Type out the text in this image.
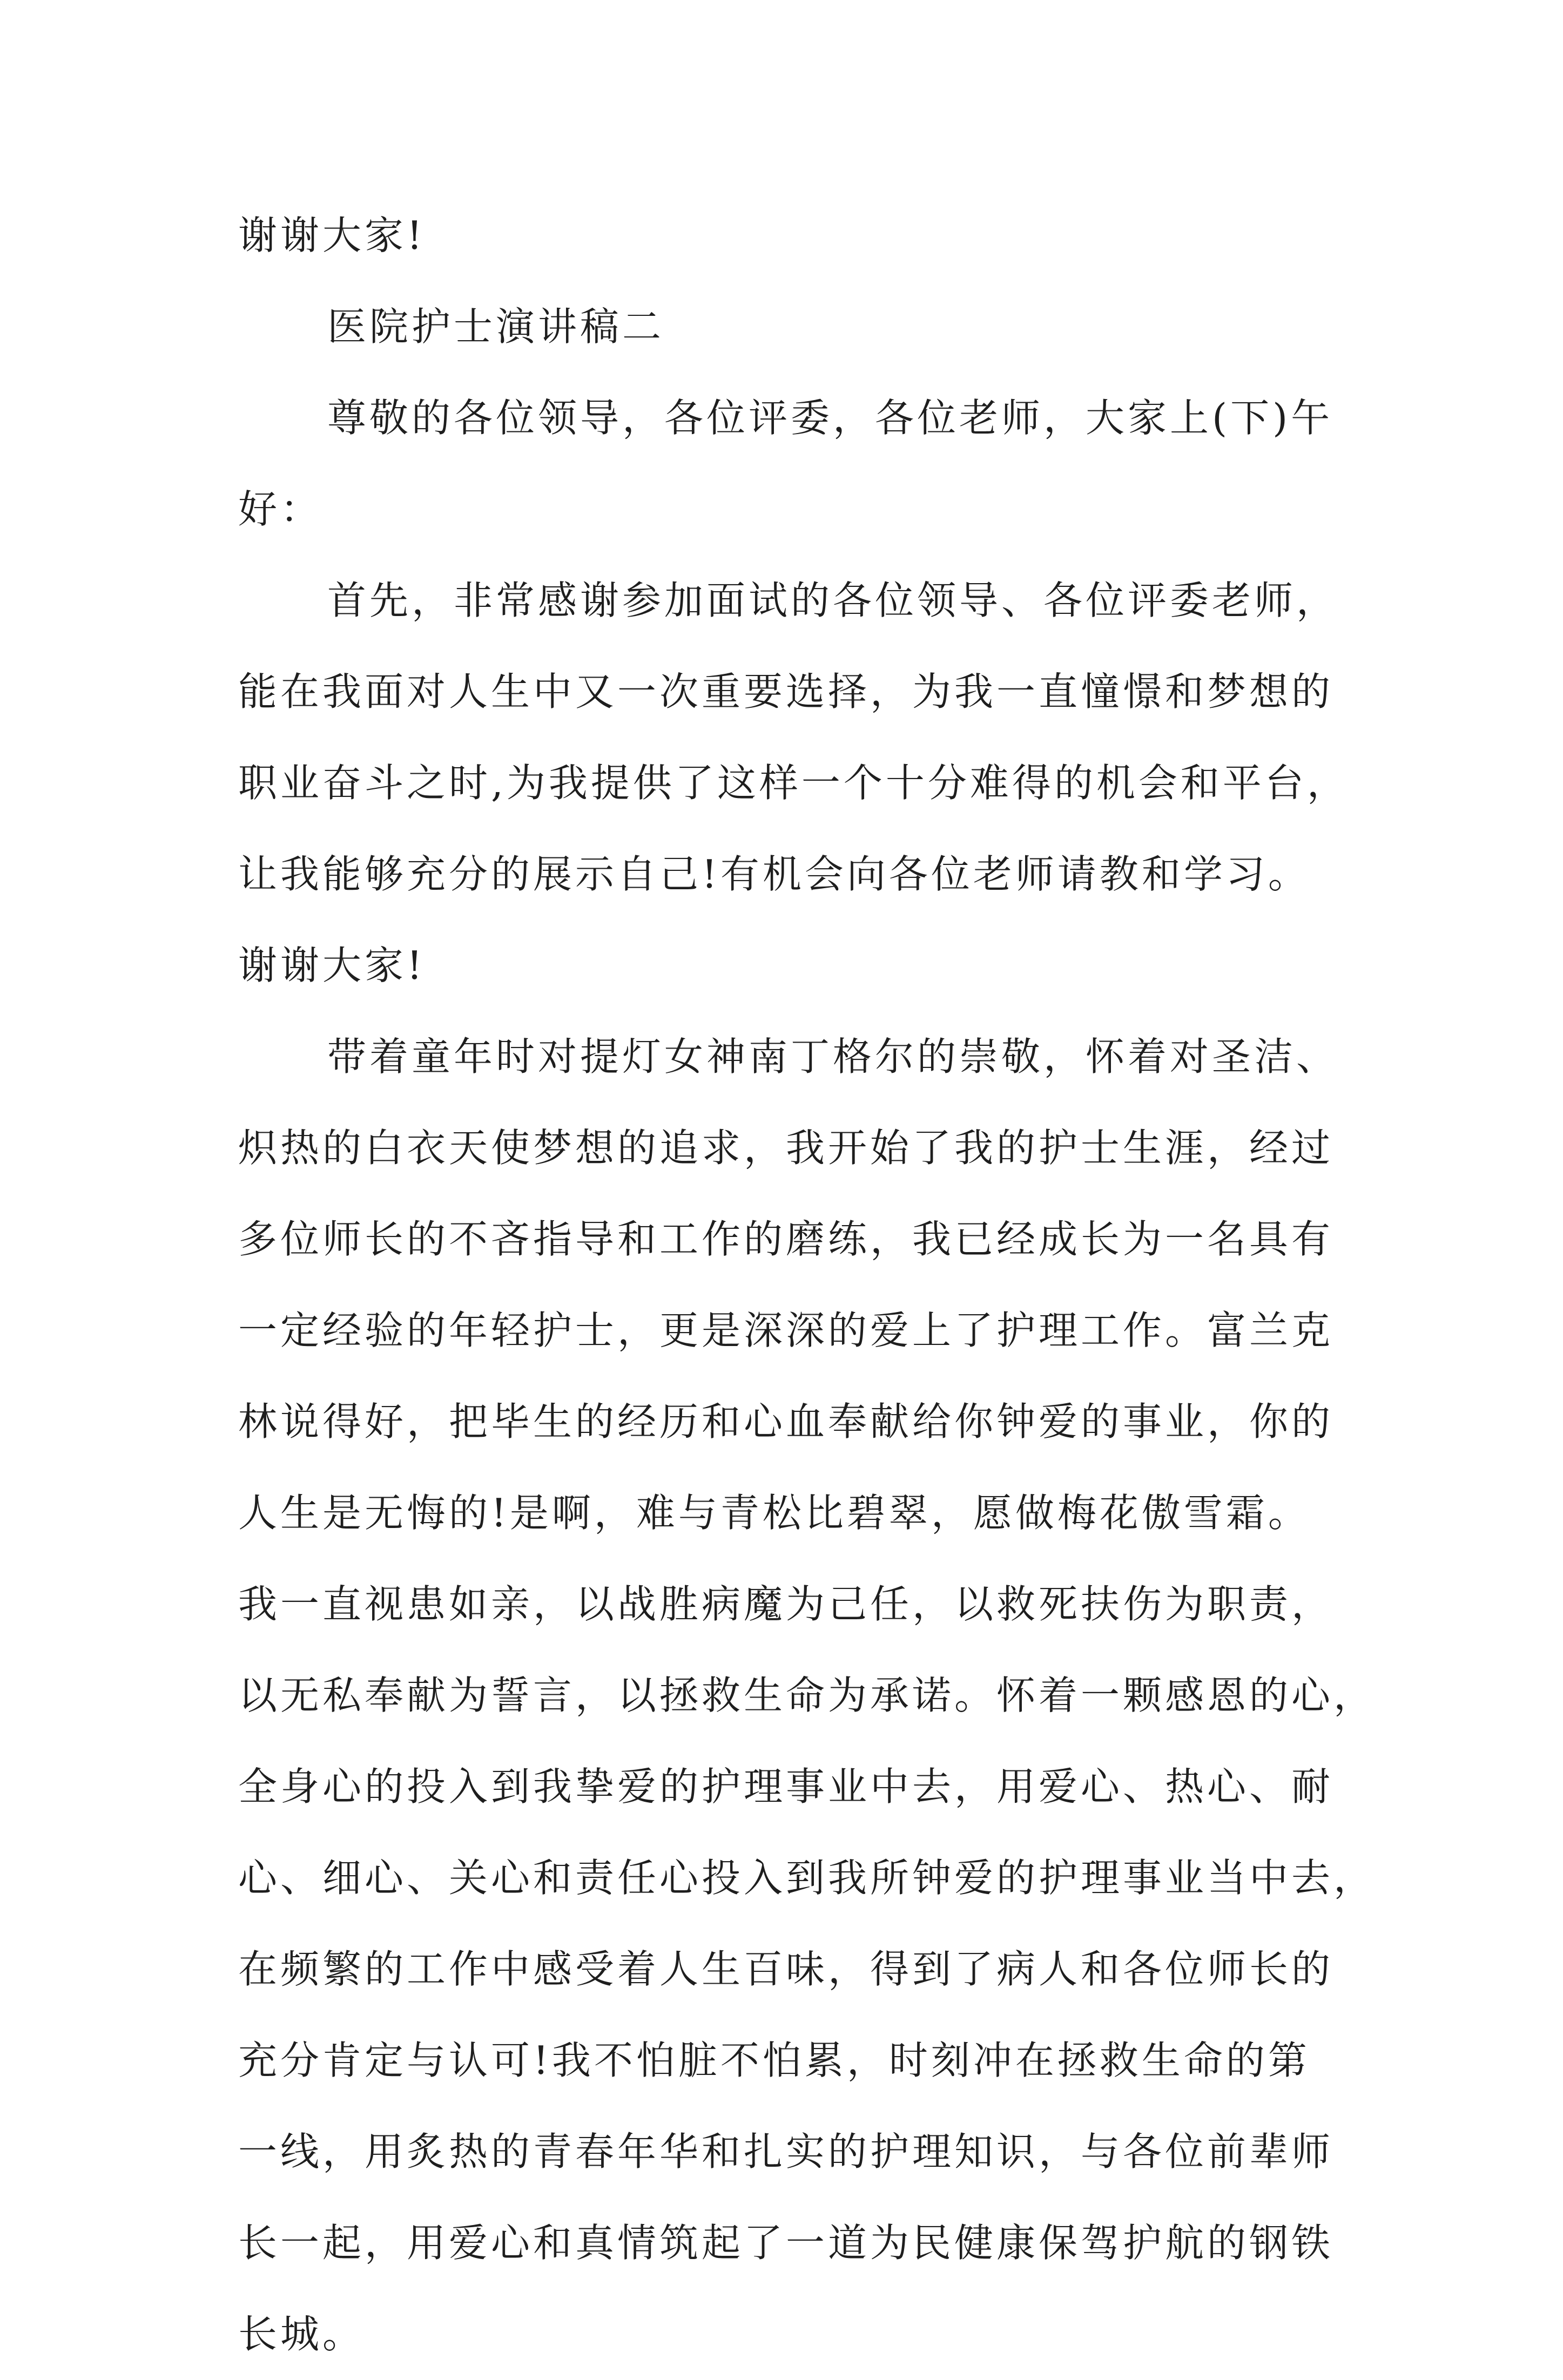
谢谢大家!
医院护士演讲稿二
尊敬的各位领导，各位评委，各位老师，大家上(下)午
好：
首先，非常感谢参加面试的各位领导、各位评委老师，
能在我面对人生中又一次重要选择，为我一直憧憬和梦想的
职业奋斗之时,为我提供了这样一个十分难得的机会和平台，
让我能够充分的展示自己!有机会向各位老师请教和学习。
谢谢大家!
带着童年时对提灯女神南丁格尔的崇敬，怀着对圣洁、
炽热的白衣天使梦想的追求，我开始了我的护士生涯，经过
多位师长的不吝指导和工作的磨练，我已经成长为一名具有
一定经验的年轻护士，更是深深的爱上了护理工作。富兰克
林说得好，把毕生的经历和心血奉献给你钟爱的事业，你的
人生是无悔的!是啊，难与青松比碧翠，愿做梅花傲雪霜。
我一直视患如亲，以战胜病魔为己任，以救死扶伤为职责，
以无私奉献为誓言，以拯救生命为承诺。怀着一颗感恩的心，
全身心的投入到我挚爱的护理事业中去，用爱心、热心、耐
心、细心、关心和责任心投入到我所钟爱的护理事业当中去，
在频繁的工作中感受着人生百味，得到了病人和各位师长的
充分肯定与认可!我不怕脏不怕累，时刻冲在拯救生命的第
一线，用炙热的青春年华和扎实的护理知识，与各位前辈师
长一起，用爱心和真情筑起了一道为民健康保驾护航的钢铁
长城。
